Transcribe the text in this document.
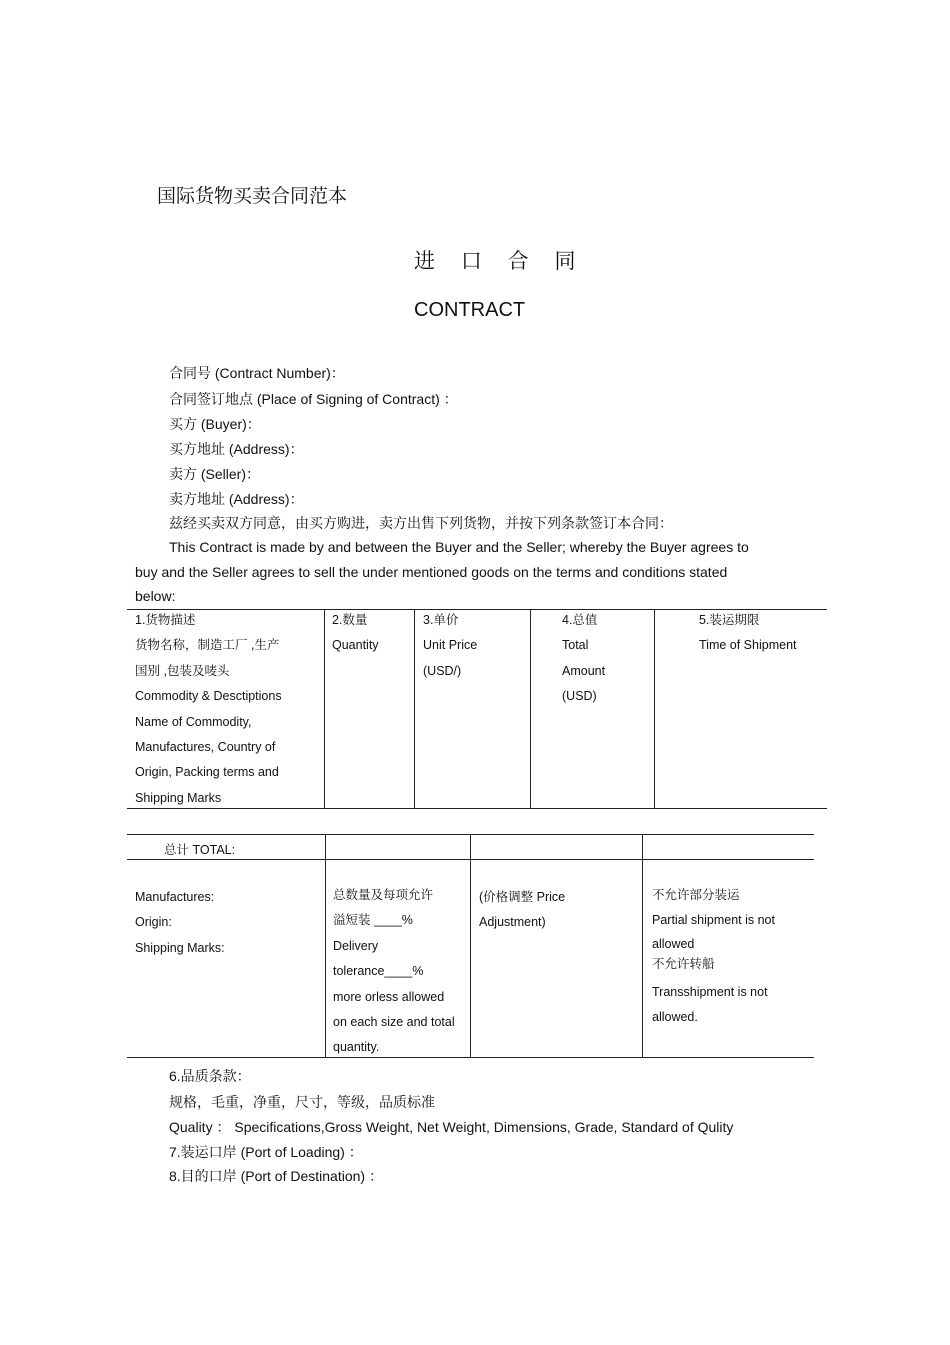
国际货物买卖合同范本
进 口 合 同
CONTRACT
合同号 (Contract Number)：
合同签订地点 (Place of Signing of Contract) ：
买方 (Buyer)：
买方地址 (Address)：
卖方 (Seller)：
卖方地址 (Address)：
兹经买卖双方同意，由买方购进，卖方出售下列货物，并按下列条款签订本合同：
This Contract is made by and between the Buyer and the Seller; whereby the Buyer agrees to
buy and the Seller agrees to sell the under mentioned goods on the terms and conditions stated
below:
1.货物描述
货物名称，制造工厂 ,生产
国别 ,包装及唛头
Commodity & Desctiptions
Name of Commodity,
Manufactures, Country of
Origin, Packing terms and
Shipping Marks
2.数量
Quantity
3.单价
Unit Price
(USD/)
4.总值
Total
Amount
(USD)
5.装运期限
Time of Shipment
总计 TOTAL:
Manufactures:
Origin:
Shipping Marks:
总数量及每项允许
溢短装 ____%
Delivery
tolerance____%
more orless allowed
on each size and total
quantity.
(价格调整 Price
Adjustment)
不允许部分装运
Partial shipment is not
allowed
不允许转船
Transshipment is not
allowed.
6.品质条款：
规格，毛重，净重，尺寸，等级，品质标准
Quality ： Specifications,Gross Weight, Net Weight, Dimensions, Grade, Standard of Qulity
7.装运口岸 (Port of Loading) ：
8.目的口岸 (Port of Destination) ：
